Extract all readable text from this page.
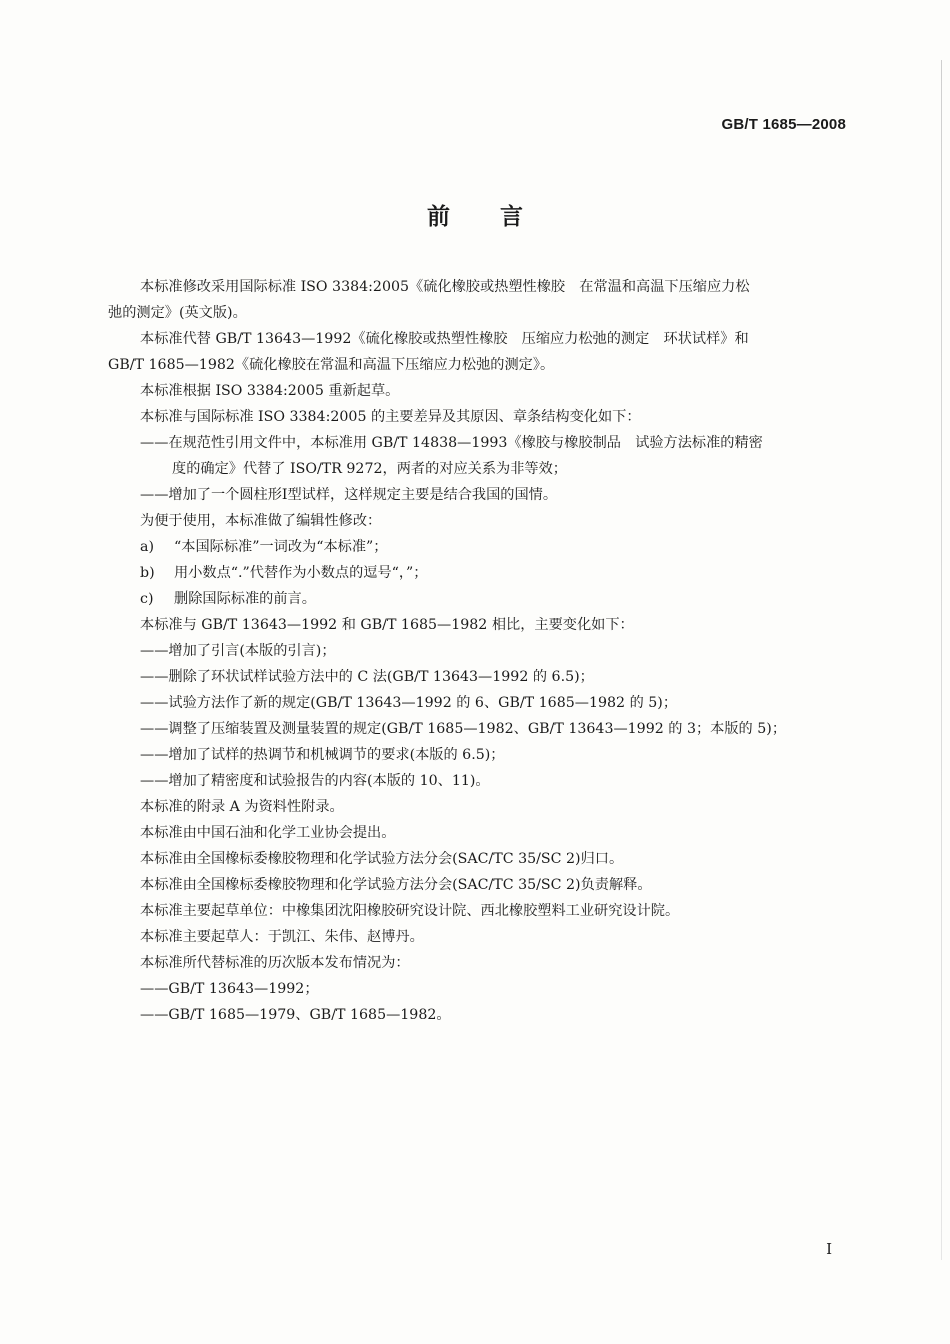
GB/T 1685—2008
前言

本标准修改采用国际标准 ISO 3384:2005《硫化橡胶或热塑性橡胶　在常温和高温下压缩应力松

弛的测定》(英文版)。

本标准代替 GB/T 13643—1992《硫化橡胶或热塑性橡胶　压缩应力松弛的测定　环状试样》和

GB/T 1685—1982《硫化橡胶在常温和高温下压缩应力松弛的测定》。

本标准根据 ISO 3384:2005 重新起草。

本标准与国际标准 ISO 3384:2005 的主要差异及其原因、章条结构变化如下：

——在规范性引用文件中，本标准用 GB/T 14838—1993《橡胶与橡胶制品　试验方法标准的精密

度的确定》代替了 ISO/TR 9272，两者的对应关系为非等效；

——增加了一个圆柱形Ⅰ型试样，这样规定主要是结合我国的国情。

为便于使用，本标准做了编辑性修改：

a) “本国际标准”一词改为“本标准”；

b) 用小数点“.”代替作为小数点的逗号“，”；

c) 删除国际标准的前言。

本标准与 GB/T 13643—1992 和 GB/T 1685—1982 相比，主要变化如下：

——增加了引言(本版的引言)；

——删除了环状试样试验方法中的 C 法(GB/T 13643—1992 的 6.5)；

——试验方法作了新的规定(GB/T 13643—1992 的 6、GB/T 1685—1982 的 5)；

——调整了压缩装置及测量装置的规定(GB/T 1685—1982、GB/T 13643—1992 的 3；本版的 5)；

——增加了试样的热调节和机械调节的要求(本版的 6.5)；

——增加了精密度和试验报告的内容(本版的 10、11)。

本标准的附录 A 为资料性附录。

本标准由中国石油和化学工业协会提出。

本标准由全国橡标委橡胶物理和化学试验方法分会(SAC/TC 35/SC 2)归口。

本标准由全国橡标委橡胶物理和化学试验方法分会(SAC/TC 35/SC 2)负责解释。

本标准主要起草单位：中橡集团沈阳橡胶研究设计院、西北橡胶塑料工业研究设计院。

本标准主要起草人：于凯江、朱伟、赵博丹。

本标准所代替标准的历次版本发布情况为：

——GB/T 13643—1992；

——GB/T 1685—1979、GB/T 1685—1982。

I
